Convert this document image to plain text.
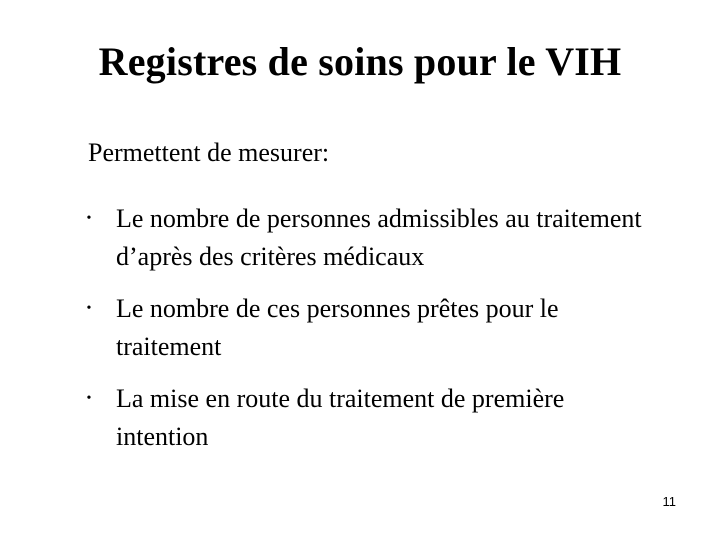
Registres de soins pour le VIH
Permettent de mesurer:
• Le nombre de personnes admissibles au traitement d’après des critères médicaux
• Le nombre de ces personnes prêtes pour le traitement
• La mise en route du traitement de première intention
11
